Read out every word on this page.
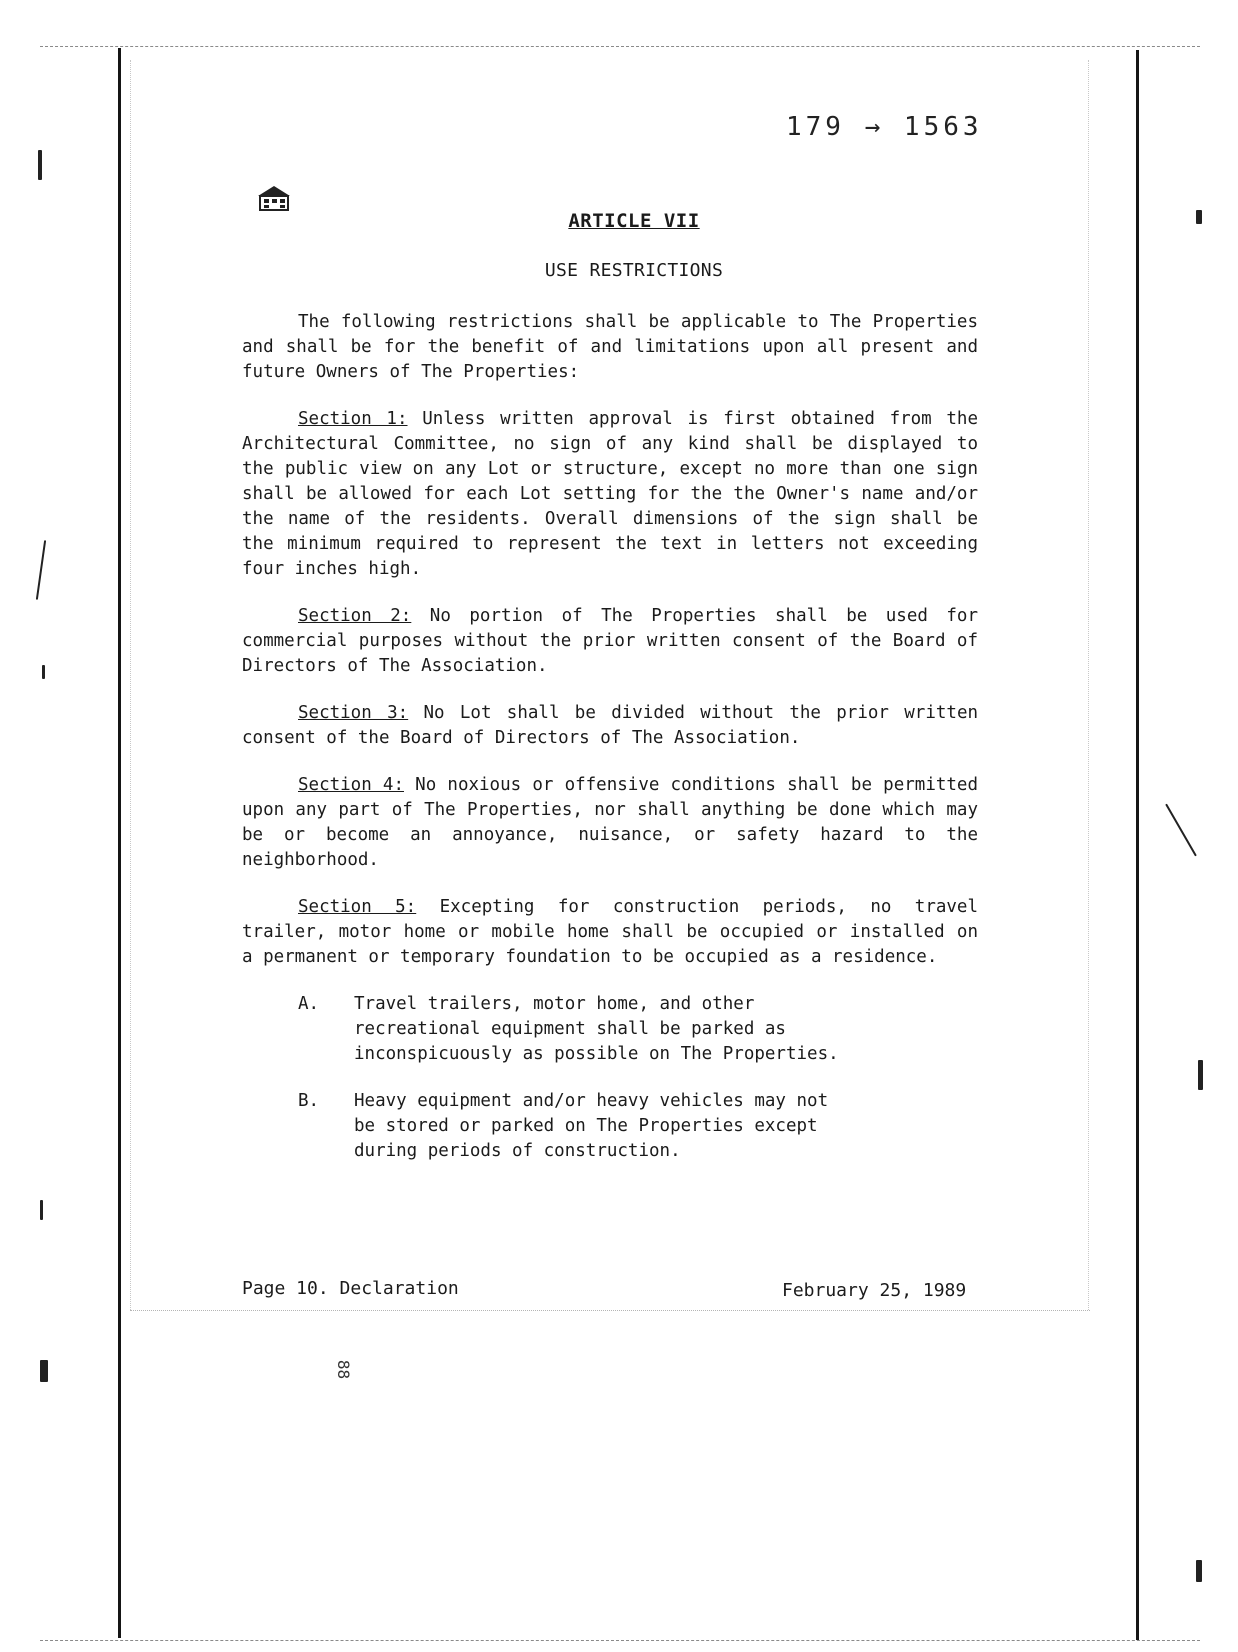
179 → 1563
ARTICLE VII
USE RESTRICTIONS

The following restrictions shall be applicable to The Properties and shall be for the benefit of and limitations upon all present and future Owners of The Properties:

Section 1: Unless written approval is first obtained from the Architectural Committee, no sign of any kind shall be displayed to the public view on any Lot or structure, except no more than one sign shall be allowed for each Lot setting for the the Owner's name and/or the name of the residents. Overall dimensions of the sign shall be the minimum required to represent the text in letters not exceeding four inches high.

Section 2: No portion of The Properties shall be used for commercial purposes without the prior written consent of the Board of Directors of The Association.

Section 3: No Lot shall be divided without the prior written consent of the Board of Directors of The Association.

Section 4: No noxious or offensive conditions shall be permitted upon any part of The Properties, nor shall anything be done which may be or become an annoyance, nuisance, or safety hazard to the neighborhood.

Section 5: Excepting for construction periods, no travel trailer, motor home or mobile home shall be occupied or installed on a permanent or temporary foundation to be occupied as a residence.

A.	Travel trailers, motor home, and other recreational equipment shall be parked as inconspicuously as possible on The Properties.
B.	Heavy equipment and/or heavy vehicles may not be stored or parked on The Properties except during periods of construction.
Page 10. Declaration	February 25, 1989
88
